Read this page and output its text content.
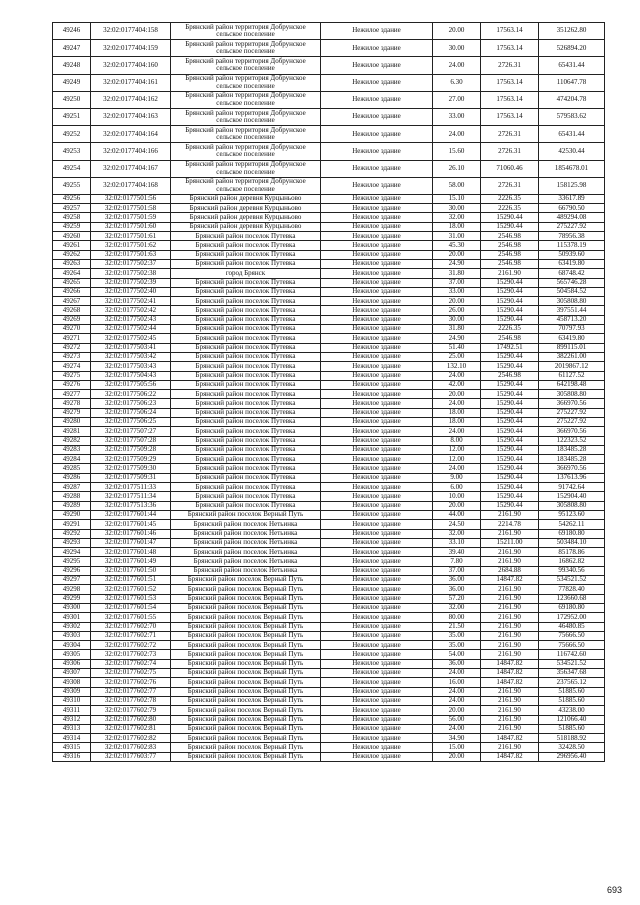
49246	32:02:0177404:158	Брянский район территория Добрунское сельское поселение	Нежилое здание	20.00	17563.14	351262.80
49247	32:02:0177404:159	Брянский район территория Добрунское сельское поселение	Нежилое здание	30.00	17563.14	526894.20
49248	32:02:0177404:160	Брянский район территория Добрунское сельское поселение	Нежилое здание	24.00	2726.31	65431.44
49249	32:02:0177404:161	Брянский район территория Добрунское сельское поселение	Нежилое здание	6.30	17563.14	110647.78
49250	32:02:0177404:162	Брянский район территория Добрунское сельское поселение	Нежилое здание	27.00	17563.14	474204.78
49251	32:02:0177404:163	Брянский район территория Добрунское сельское поселение	Нежилое здание	33.00	17563.14	579583.62
49252	32:02:0177404:164	Брянский район территория Добрунское сельское поселение	Нежилое здание	24.00	2726.31	65431.44
49253	32:02:0177404:166	Брянский район территория Добрунское сельское поселение	Нежилое здание	15.60	2726.31	42530.44
49254	32:02:0177404:167	Брянский район территория Добрунское сельское поселение	Нежилое здание	26.10	71060.46	1854678.01
49255	32:02:0177404:168	Брянский район территория Добрунское сельское поселение	Нежилое здание	58.00	2726.31	158125.98
49256	32:02:0177501:56	Брянский район деревня Курцыньово	Нежилое здание	15.10	2226.35	33617.89
49257	32:02:0177501:58	Брянский район деревня Курцыньово	Нежилое здание	30.00	2226.35	66790.50
49258	32:02:0177501:59	Брянский район деревня Курцыньово	Нежилое здание	32.00	15290.44	489294.08
49259	32:02:0177501:60	Брянский район деревня Курцыньово	Нежилое здание	18.00	15290.44	275227.92
49260	32:02:0177501:61	Брянский район поселок Путевка	Нежилое здание	31.00	2546.98	78956.38
49261	32:02:0177501:62	Брянский район поселок Путевка	Нежилое здание	45.30	2546.98	115378.19
49262	32:02:0177501:63	Брянский район поселок Путевка	Нежилое здание	20.00	2546.98	50939.60
49263	32:02:0177502:37	Брянский район поселок Путевка	Нежилое здание	24.90	2546.98	63419.80
49264	32:02:0177502:38	город Брянск	Нежилое здание	31.80	2161.90	68748.42
49265	32:02:0177502:39	Брянский район поселок Путевка	Нежилое здание	37.00	15290.44	565746.28
49266	32:02:0177502:40	Брянский район поселок Путевка	Нежилое здание	33.00	15290.44	504584.52
49267	32:02:0177502:41	Брянский район поселок Путевка	Нежилое здание	20.00	15290.44	305808.80
49268	32:02:0177502:42	Брянский район поселок Путевка	Нежилое здание	26.00	15290.44	397551.44
49269	32:02:0177502:43	Брянский район поселок Путевка	Нежилое здание	30.00	15290.44	458713.20
49270	32:02:0177502:44	Брянский район поселок Путевка	Нежилое здание	31.80	2226.35	70797.93
49271	32:02:0177502:45	Брянский район поселок Путевка	Нежилое здание	24.90	2546.98	63419.80
49272	32:02:0177503:41	Брянский район поселок Путевка	Нежилое здание	51.40	17492.51	899115.01
49273	32:02:0177503:42	Брянский район поселок Путевка	Нежилое здание	25.00	15290.44	382261.00
49274	32:02:0177503:43	Брянский район поселок Путевка	Нежилое здание	132.10	15290.44	2019867.12
49275	32:02:0177504:43	Брянский район поселок Путевка	Нежилое здание	24.00	2546.98	61127.52
49276	32:02:0177505:56	Брянский район поселок Путевка	Нежилое здание	42.00	15290.44	642198.48
49277	32:02:0177506:22	Брянский район поселок Путевка	Нежилое здание	20.00	15290.44	305808.80
49278	32:02:0177506:23	Брянский район поселок Путевка	Нежилое здание	24.00	15290.44	366970.56
49279	32:02:0177506:24	Брянский район поселок Путевка	Нежилое здание	18.00	15290.44	275227.92
49280	32:02:0177506:25	Брянский район поселок Путевка	Нежилое здание	18.00	15290.44	275227.92
49281	32:02:0177507:27	Брянский район поселок Путевка	Нежилое здание	24.00	15290.44	366970.56
49282	32:02:0177507:28	Брянский район поселок Путевка	Нежилое здание	8.00	15290.44	122323.52
49283	32:02:0177509:28	Брянский район поселок Путевка	Нежилое здание	12.00	15290.44	183485.28
49284	32:02:0177509:29	Брянский район поселок Путевка	Нежилое здание	12.00	15290.44	183485.28
49285	32:02:0177509:30	Брянский район поселок Путевка	Нежилое здание	24.00	15290.44	366970.56
49286	32:02:0177509:31	Брянский район поселок Путевка	Нежилое здание	9.00	15290.44	137613.96
49287	32:02:0177511:33	Брянский район поселок Путевка	Нежилое здание	6.00	15290.44	91742.64
49288	32:02:0177511:34	Брянский район поселок Путевка	Нежилое здание	10.00	15290.44	152904.40
49289	32:02:0177513:36	Брянский район поселок Путевка	Нежилое здание	20.00	15290.44	305808.80
49290	32:02:0177601:44	Брянский район поселок Верный Путь	Нежилое здание	44.00	2161.90	95123.60
49291	32:02:0177601:45	Брянский район поселок Нетьинка	Нежилое здание	24.50	2214.78	54262.11
49292	32:02:0177601:46	Брянский район поселок Нетьинка	Нежилое здание	32.00	2161.90	69180.80
49293	32:02:0177601:47	Брянский район поселок Нетьинка	Нежилое здание	33.10	15211.00	503484.10
49294	32:02:0177601:48	Брянский район поселок Нетьинка	Нежилое здание	39.40	2161.90	85178.86
49295	32:02:0177601:49	Брянский район поселок Нетьинка	Нежилое здание	7.80	2161.90	16862.82
49296	32:02:0177601:50	Брянский район поселок Нетьинка	Нежилое здание	37.00	2684.88	99340.56
49297	32:02:0177601:51	Брянский район поселок Верный Путь	Нежилое здание	36.00	14847.82	534521.52
49298	32:02:0177601:52	Брянский район поселок Верный Путь	Нежилое здание	36.00	2161.90	77828.40
49299	32:02:0177601:53	Брянский район поселок Верный Путь	Нежилое здание	57.20	2161.90	123660.68
49300	32:02:0177601:54	Брянский район поселок Верный Путь	Нежилое здание	32.00	2161.90	69180.80
49301	32:02:0177601:55	Брянский район поселок Верный Путь	Нежилое здание	80.00	2161.90	172952.00
49302	32:02:0177602:70	Брянский район поселок Верный Путь	Нежилое здание	21.50	2161.90	46480.85
49303	32:02:0177602:71	Брянский район поселок Верный Путь	Нежилое здание	35.00	2161.90	75666.50
49304	32:02:0177602:72	Брянский район поселок Верный Путь	Нежилое здание	35.00	2161.90	75666.50
49305	32:02:0177602:73	Брянский район поселок Верный Путь	Нежилое здание	54.00	2161.90	116742.60
49306	32:02:0177602:74	Брянский район поселок Верный Путь	Нежилое здание	36.00	14847.82	534521.52
49307	32:02:0177602:75	Брянский район поселок Верный Путь	Нежилое здание	24.00	14847.82	356347.68
49308	32:02:0177602:76	Брянский район поселок Верный Путь	Нежилое здание	16.00	14847.82	237565.12
49309	32:02:0177602:77	Брянский район поселок Верный Путь	Нежилое здание	24.00	2161.90	51885.60
49310	32:02:0177602:78	Брянский район поселок Верный Путь	Нежилое здание	24.00	2161.90	51885.60
49311	32:02:0177602:79	Брянский район поселок Верный Путь	Нежилое здание	20.00	2161.90	43238.00
49312	32:02:0177602:80	Брянский район поселок Верный Путь	Нежилое здание	56.00	2161.90	121066.40
49313	32:02:0177602:81	Брянский район поселок Верный Путь	Нежилое здание	24.00	2161.90	51885.60
49314	32:02:0177602:82	Брянский район поселок Верный Путь	Нежилое здание	34.90	14847.82	518188.92
49315	32:02:0177602:83	Брянский район поселок Верный Путь	Нежилое здание	15.00	2161.90	32428.50
49316	32:02:0177603:77	Брянский район поселок Верный Путь	Нежилое здание	20.00	14847.82	296956.40
693
